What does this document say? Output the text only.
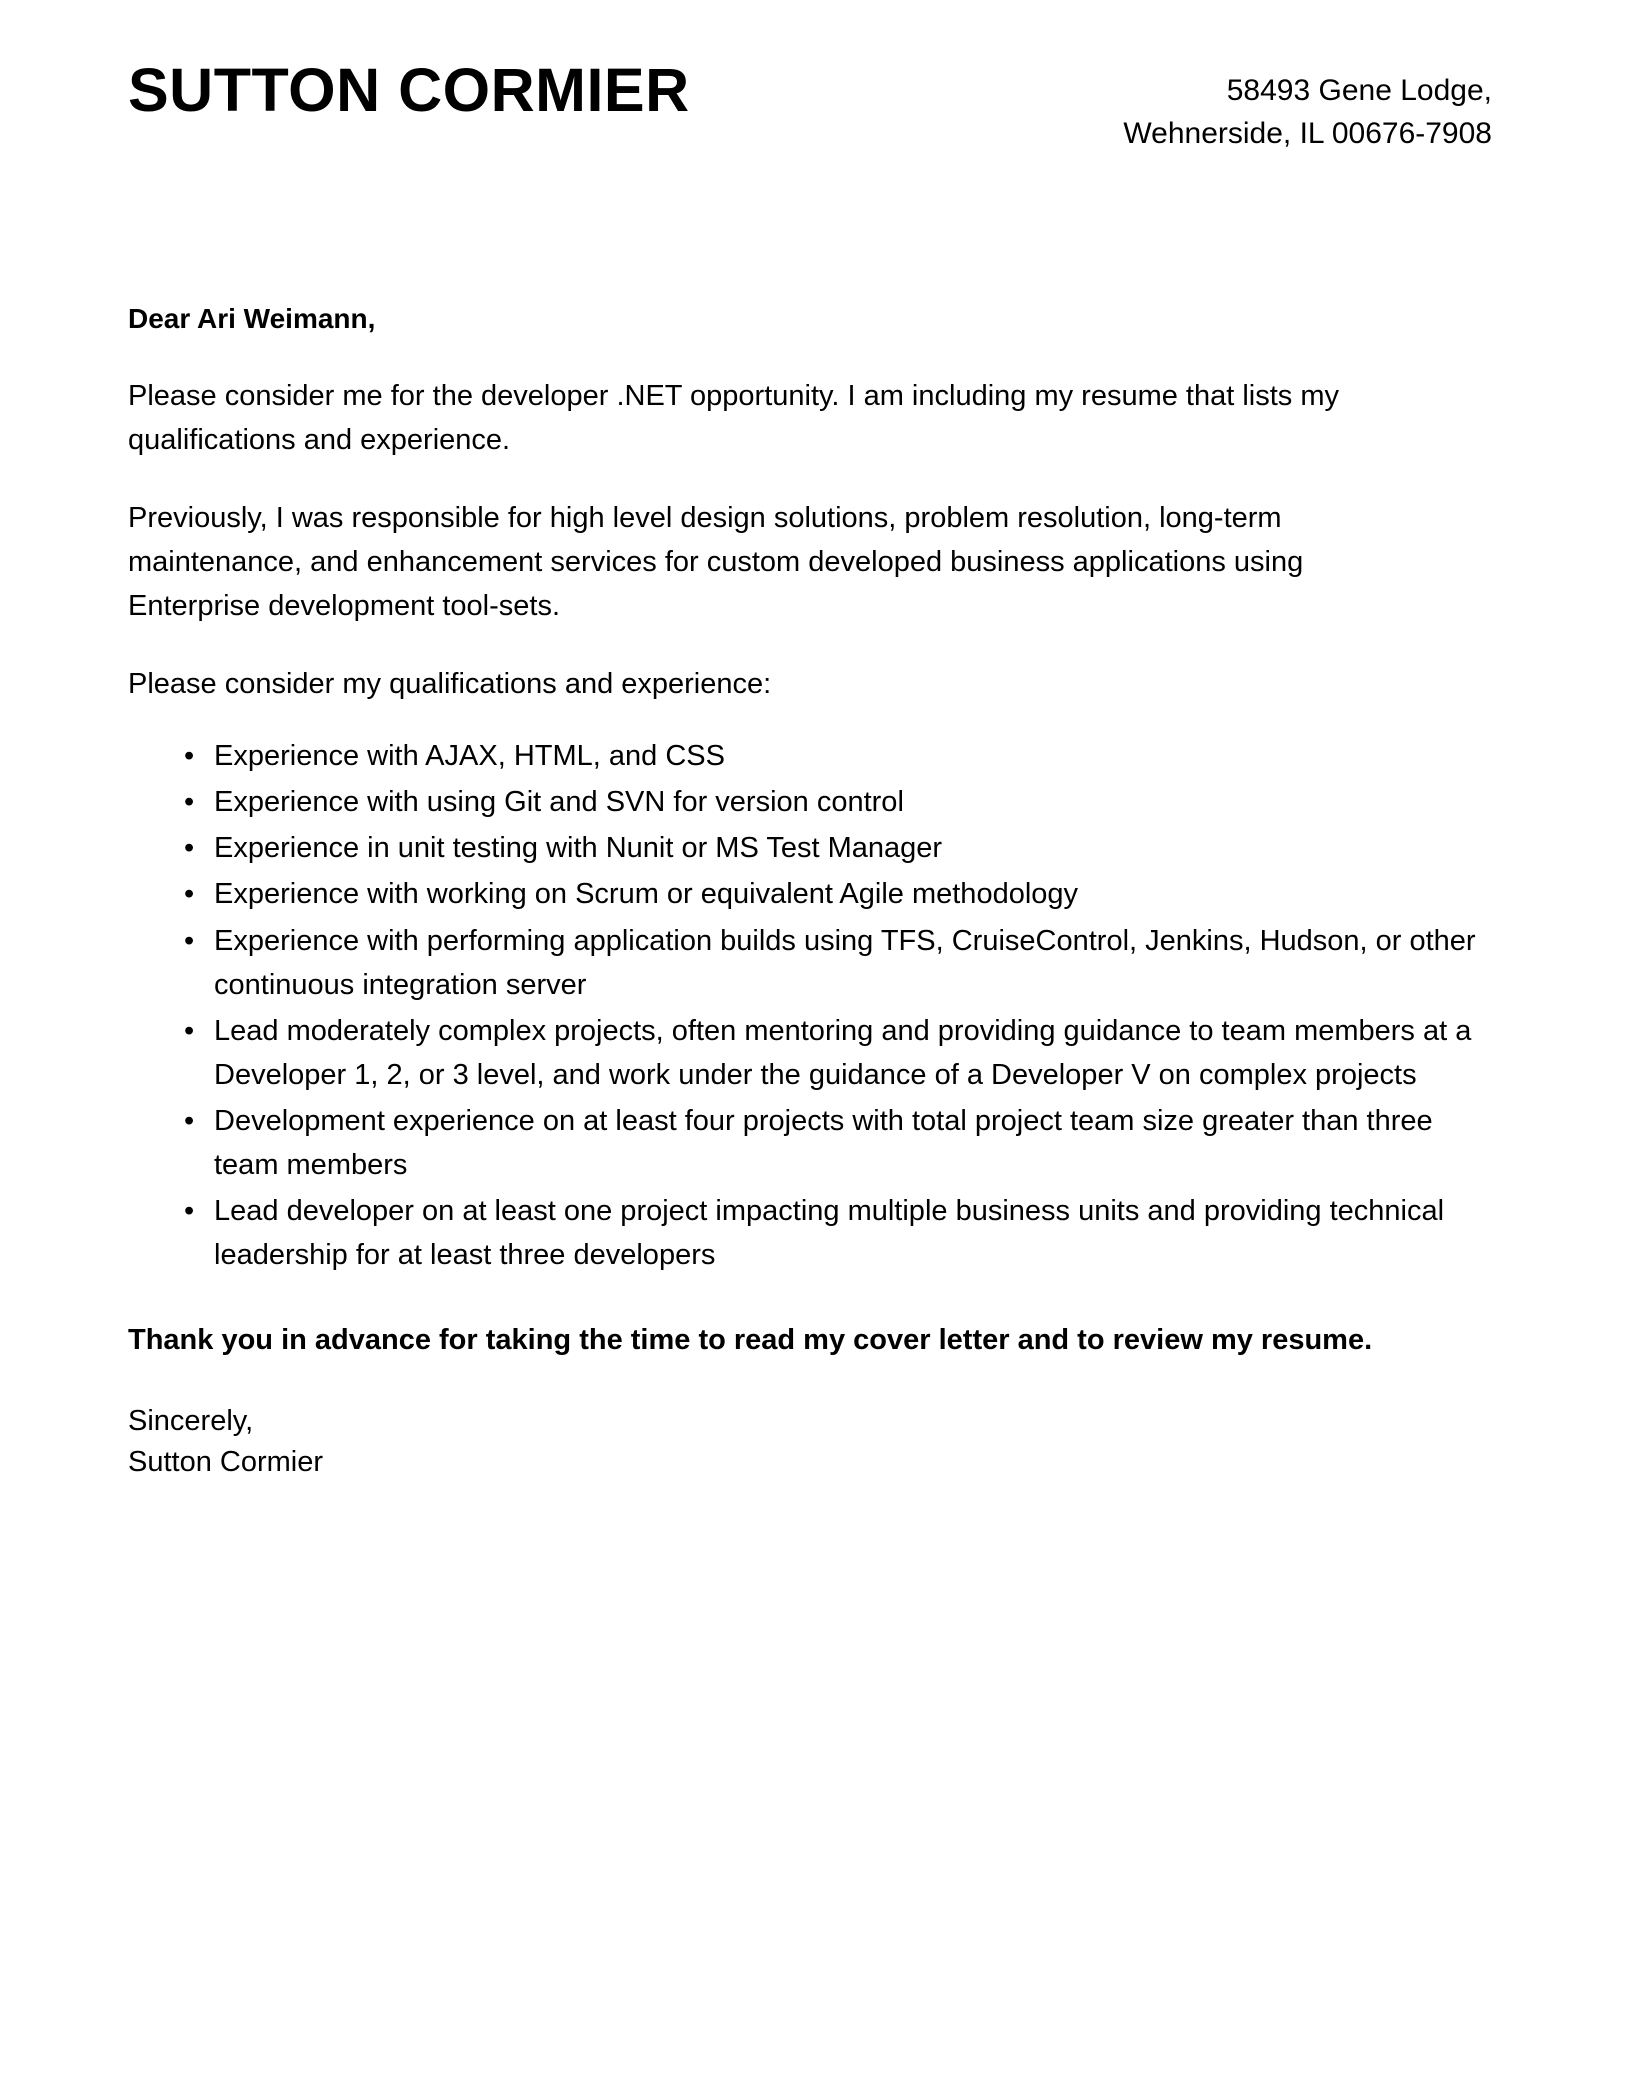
SUTTON CORMIER	58493 Gene Lodge,
Wehnerside, IL 00676-7908
Dear Ari Weimann,

Please consider me for the developer .NET opportunity. I am including my resume that lists my qualifications and experience.

Previously, I was responsible for high level design solutions, problem resolution, long-term maintenance, and enhancement services for custom developed business applications using Enterprise development tool-sets.

Please consider my qualifications and experience:

• Experience with AJAX, HTML, and CSS
• Experience with using Git and SVN for version control
• Experience in unit testing with Nunit or MS Test Manager
• Experience with working on Scrum or equivalent Agile methodology
• Experience with performing application builds using TFS, CruiseControl, Jenkins, Hudson, or other continuous integration server
• Lead moderately complex projects, often mentoring and providing guidance to team members at a Developer 1, 2, or 3 level, and work under the guidance of a Developer V on complex projects
• Development experience on at least four projects with total project team size greater than three team members
• Lead developer on at least one project impacting multiple business units and providing technical leadership for at least three developers
Thank you in advance for taking the time to read my cover letter and to review my resume.
Sincerely,
Sutton Cormier
